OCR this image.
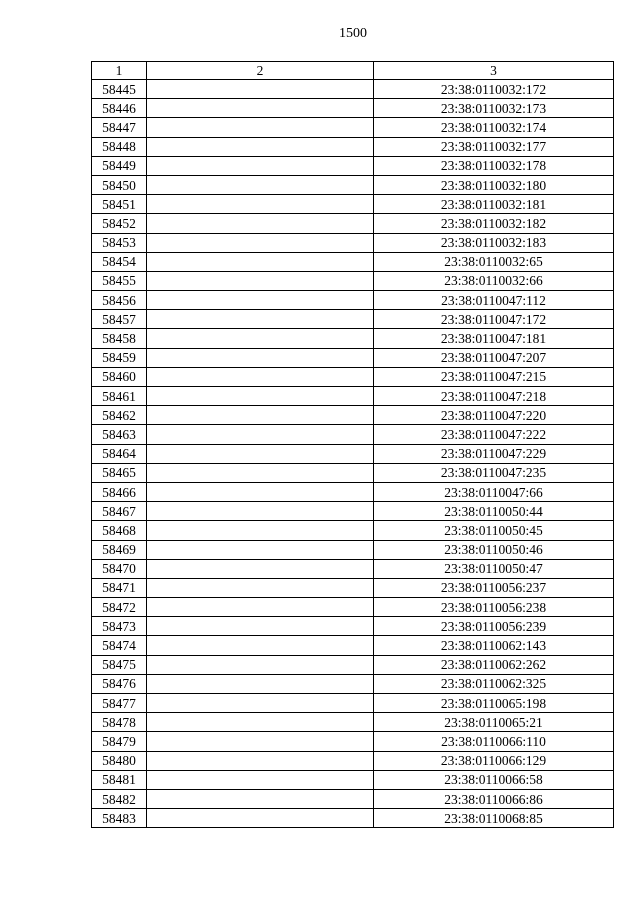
1500
1	2	3
58445		23:38:0110032:172
58446		23:38:0110032:173
58447		23:38:0110032:174
58448		23:38:0110032:177
58449		23:38:0110032:178
58450		23:38:0110032:180
58451		23:38:0110032:181
58452		23:38:0110032:182
58453		23:38:0110032:183
58454		23:38:0110032:65
58455		23:38:0110032:66
58456		23:38:0110047:112
58457		23:38:0110047:172
58458		23:38:0110047:181
58459		23:38:0110047:207
58460		23:38:0110047:215
58461		23:38:0110047:218
58462		23:38:0110047:220
58463		23:38:0110047:222
58464		23:38:0110047:229
58465		23:38:0110047:235
58466		23:38:0110047:66
58467		23:38:0110050:44
58468		23:38:0110050:45
58469		23:38:0110050:46
58470		23:38:0110050:47
58471		23:38:0110056:237
58472		23:38:0110056:238
58473		23:38:0110056:239
58474		23:38:0110062:143
58475		23:38:0110062:262
58476		23:38:0110062:325
58477		23:38:0110065:198
58478		23:38:0110065:21
58479		23:38:0110066:110
58480		23:38:0110066:129
58481		23:38:0110066:58
58482		23:38:0110066:86
58483		23:38:0110068:85
